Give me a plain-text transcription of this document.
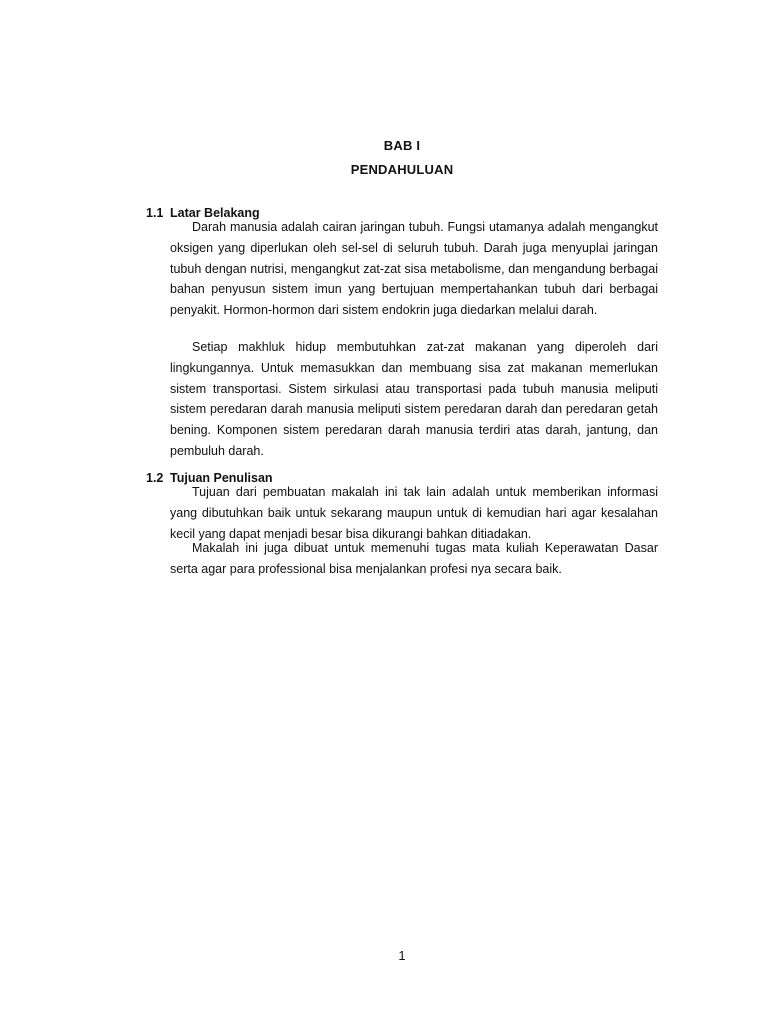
BAB I
PENDAHULUAN
1.1 Latar Belakang

Darah manusia adalah cairan jaringan tubuh. Fungsi utamanya adalah mengangkut oksigen yang diperlukan oleh sel-sel di seluruh tubuh. Darah juga menyuplai jaringan tubuh dengan nutrisi, mengangkut zat-zat sisa metabolisme, dan mengandung berbagai bahan penyusun sistem imun yang bertujuan mempertahankan tubuh dari berbagai penyakit. Hormon-hormon dari sistem endokrin juga diedarkan melalui darah.

Setiap makhluk hidup membutuhkan zat-zat makanan yang diperoleh dari lingkungannya. Untuk memasukkan dan membuang sisa zat makanan memerlukan sistem transportasi. Sistem sirkulasi atau transportasi pada tubuh manusia meliputi sistem peredaran darah manusia meliputi sistem peredaran darah dan peredaran getah bening. Komponen sistem peredaran darah manusia terdiri atas darah, jantung, dan pembuluh darah.

1.2 Tujuan Penulisan

Tujuan dari pembuatan makalah ini tak lain adalah untuk memberikan informasi yang dibutuhkan baik untuk sekarang maupun untuk di kemudian hari agar kesalahan kecil yang dapat menjadi besar bisa dikurangi bahkan ditiadakan.

Makalah ini juga dibuat untuk memenuhi tugas mata kuliah Keperawatan Dasar serta agar para professional bisa menjalankan profesi nya secara baik.

1
